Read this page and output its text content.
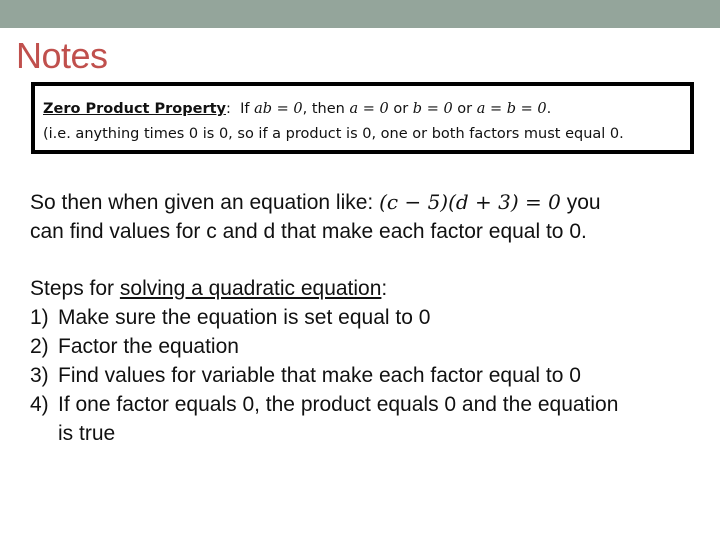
Notes
Zero Product Property: If ab = 0, then a = 0 or b = 0 or a = b = 0.
(i.e. anything times 0 is 0, so if a product is 0, one or both factors must equal 0.
So then when given an equation like: (c − 5)(d + 3) = 0 you
can find values for c and d that make each factor equal to 0.
Steps for solving a quadratic equation:
1) Make sure the equation is set equal to 0
2) Factor the equation
3) Find values for variable that make each factor equal to 0
4) If one factor equals 0, the product equals 0 and the equation
is true
